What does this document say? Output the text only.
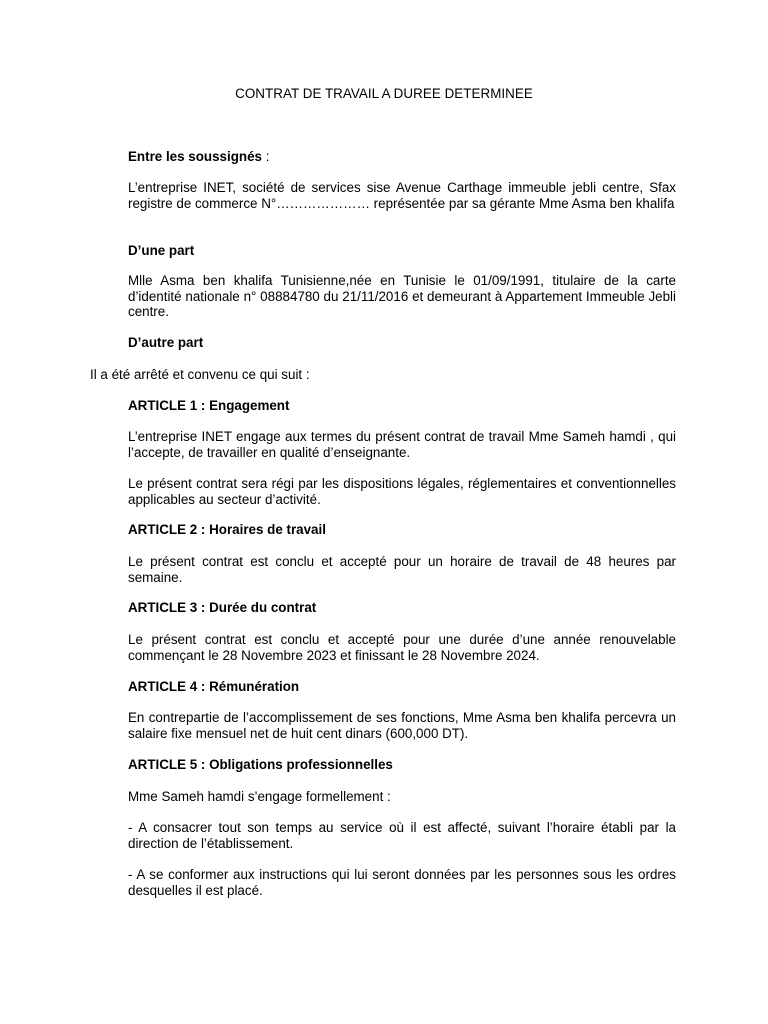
CONTRAT DE TRAVAIL A DUREE DETERMINEE
Entre les soussignés :
L’entreprise INET, société de services sise Avenue Carthage immeuble jebli centre, Sfax registre de commerce N°………………… représentée par sa gérante Mme Asma ben khalifa
D’une part
Mlle Asma ben khalifa Tunisienne,née en Tunisie le 01/09/1991, titulaire de la carte d’identité nationale n° 08884780 du 21/11/2016 et demeurant à Appartement Immeuble Jebli centre.
D’autre part
Il a été arrêté et convenu ce qui suit :
ARTICLE 1 : Engagement
L’entreprise INET engage aux termes du présent contrat de travail Mme Sameh hamdi , qui l’accepte, de travailler en qualité d’enseignante.
Le présent contrat sera régi par les dispositions légales, réglementaires et conventionnelles applicables au secteur d’activité.
ARTICLE 2 : Horaires de travail
Le présent contrat est conclu et accepté pour un horaire de travail de 48 heures par semaine.
ARTICLE 3 : Durée du contrat
Le présent contrat est conclu et accepté pour une durée d’une année renouvelable commençant le 28 Novembre 2023 et finissant le 28 Novembre 2024.
ARTICLE 4 : Rémunération
En contrepartie de l’accomplissement de ses fonctions, Mme Asma ben khalifa percevra un salaire fixe mensuel net de huit cent dinars (600,000 DT).
ARTICLE 5 : Obligations professionnelles
Mme Sameh hamdi s’engage formellement :
- A consacrer tout son temps au service où il est affecté, suivant l’horaire établi par la direction de l’établissement.
- A se conformer aux instructions qui lui seront données par les personnes sous les ordres desquelles il est placé.
